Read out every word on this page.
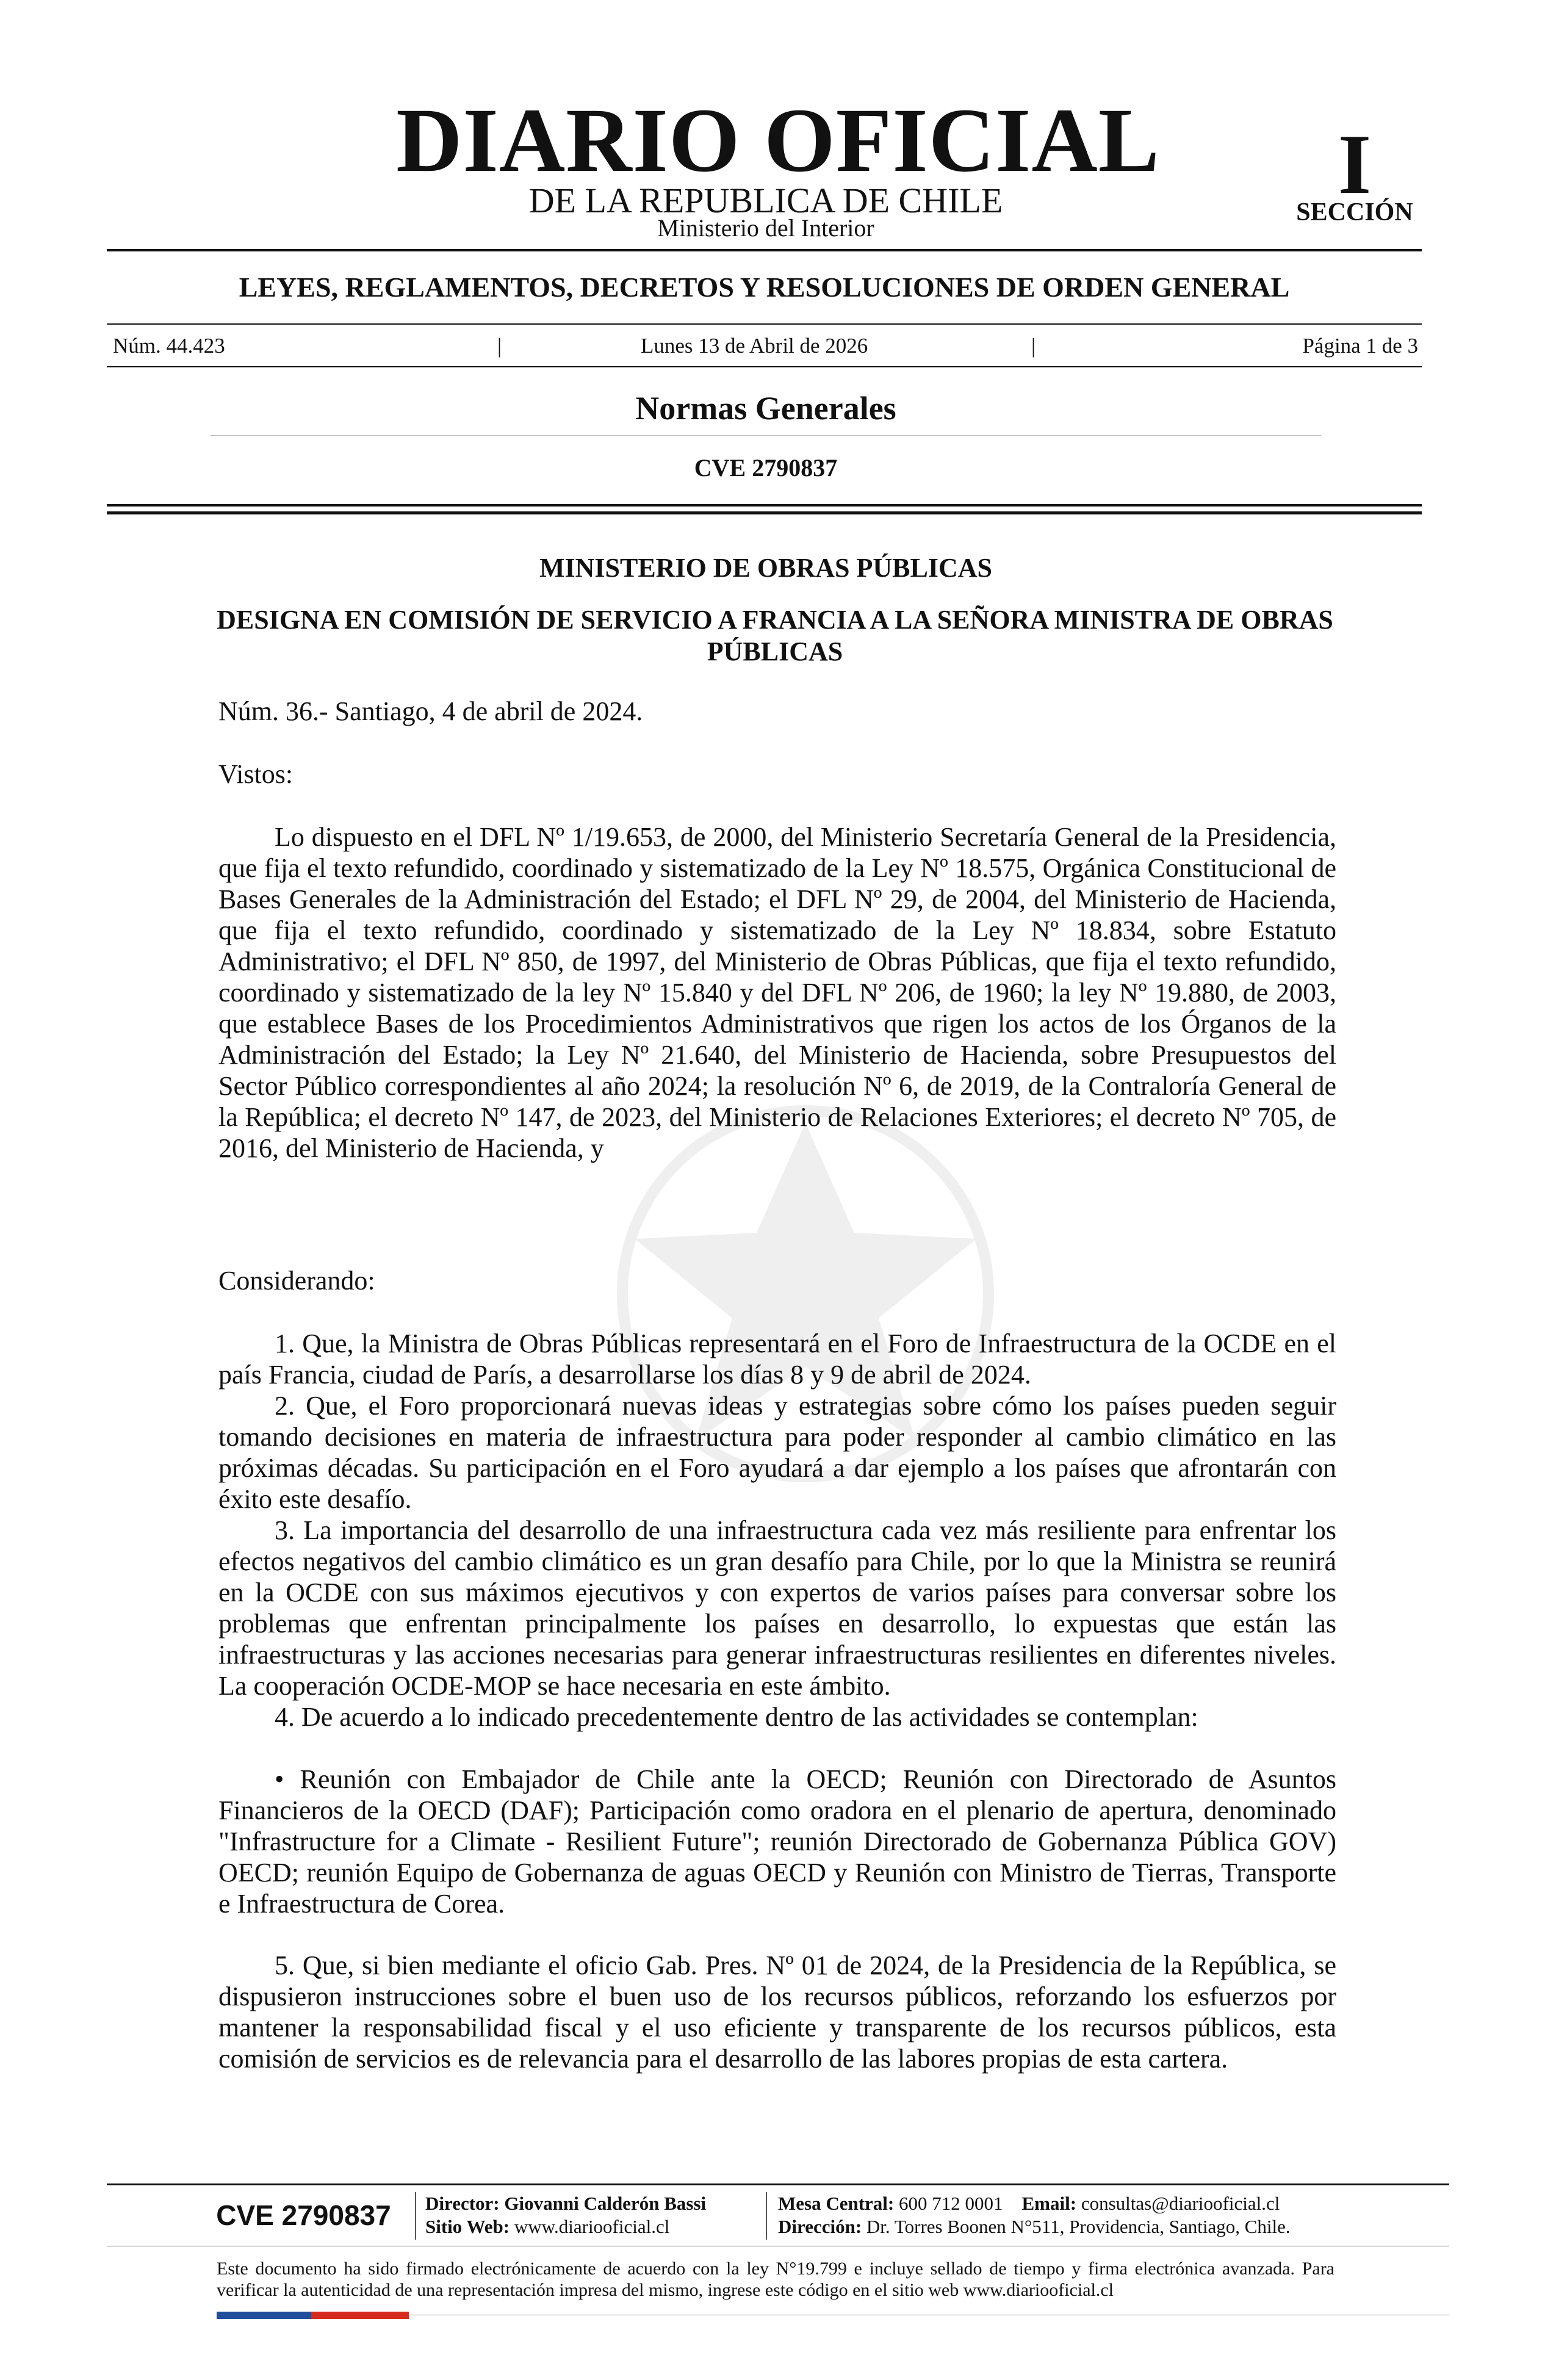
DIARIO OFICIAL
DE LA REPUBLICA DE CHILE
Ministerio del Interior
I
SECCIÓN
LEYES, REGLAMENTOS, DECRETOS Y RESOLUCIONES DE ORDEN GENERAL
Núm. 44.423	|	Lunes 13 de Abril de 2026	|	Página 1 de 3
Normas Generales
CVE 2790837
MINISTERIO DE OBRAS PÚBLICAS
DESIGNA EN COMISIÓN DE SERVICIO A FRANCIA A LA SEÑORA MINISTRA DE OBRAS PÚBLICAS

Núm. 36.- Santiago, 4 de abril de 2024.

Vistos:

Lo dispuesto en el DFL Nº 1/19.653, de 2000, del Ministerio Secretaría General de la Presidencia, que fija el texto refundido, coordinado y sistematizado de la Ley Nº 18.575, Orgánica Constitucional de Bases Generales de la Administración del Estado; el DFL Nº 29, de 2004, del Ministerio de Hacienda, que fija el texto refundido, coordinado y sistematizado de la Ley Nº 18.834, sobre Estatuto Administrativo; el DFL Nº 850, de 1997, del Ministerio de Obras Públicas, que fija el texto refundido, coordinado y sistematizado de la ley Nº 15.840 y del DFL Nº 206, de 1960; la ley Nº 19.880, de 2003, que establece Bases de los Procedimientos Administrativos que rigen los actos de los Órganos de la Administración del Estado; la Ley Nº 21.640, del Ministerio de Hacienda, sobre Presupuestos del Sector Público correspondientes al año 2024; la resolución Nº 6, de 2019, de la Contraloría General de la República; el decreto Nº 147, de 2023, del Ministerio de Relaciones Exteriores; el decreto Nº 705, de 2016, del Ministerio de Hacienda, y

Considerando:

1. Que, la Ministra de Obras Públicas representará en el Foro de Infraestructura de la OCDE en el país Francia, ciudad de París, a desarrollarse los días 8 y 9 de abril de 2024.

2. Que, el Foro proporcionará nuevas ideas y estrategias sobre cómo los países pueden seguir tomando decisiones en materia de infraestructura para poder responder al cambio climático en las próximas décadas. Su participación en el Foro ayudará a dar ejemplo a los países que afrontarán con éxito este desafío.

3. La importancia del desarrollo de una infraestructura cada vez más resiliente para enfrentar los efectos negativos del cambio climático es un gran desafío para Chile, por lo que la Ministra se reunirá en la OCDE con sus máximos ejecutivos y con expertos de varios países para conversar sobre los problemas que enfrentan principalmente los países en desarrollo, lo expuestas que están las infraestructuras y las acciones necesarias para generar infraestructuras resilientes en diferentes niveles. La cooperación OCDE-MOP se hace necesaria en este ámbito.

4. De acuerdo a lo indicado precedentemente dentro de las actividades se contemplan:

• Reunión con Embajador de Chile ante la OECD; Reunión con Directorado de Asuntos Financieros de la OECD (DAF); Participación como oradora en el plenario de apertura, denominado "Infrastructure for a Climate - Resilient Future"; reunión Directorado de Gobernanza Pública GOV) OECD; reunión Equipo de Gobernanza de aguas OECD y Reunión con Ministro de Tierras, Transporte e Infraestructura de Corea.

5. Que, si bien mediante el oficio Gab. Pres. Nº 01 de 2024, de la Presidencia de la República, se dispusieron instrucciones sobre el buen uso de los recursos públicos, reforzando los esfuerzos por mantener la responsabilidad fiscal y el uso eficiente y transparente de los recursos públicos, esta comisión de servicios es de relevancia para el desarrollo de las labores propias de esta cartera.

CVE 2790837	Director: Giovanni Calderón Bassi
Sitio Web: www.diariooficial.cl
Mesa Central: 600 712 0001 Email: consultas@diariooficial.cl
Dirección: Dr. Torres Boonen N°511, Providencia, Santiago, Chile.

Este documento ha sido firmado electrónicamente de acuerdo con la ley N°19.799 e incluye sellado de tiempo y firma electrónica avanzada. Para verificar la autenticidad de una representación impresa del mismo, ingrese este código en el sitio web www.diariooficial.cl
